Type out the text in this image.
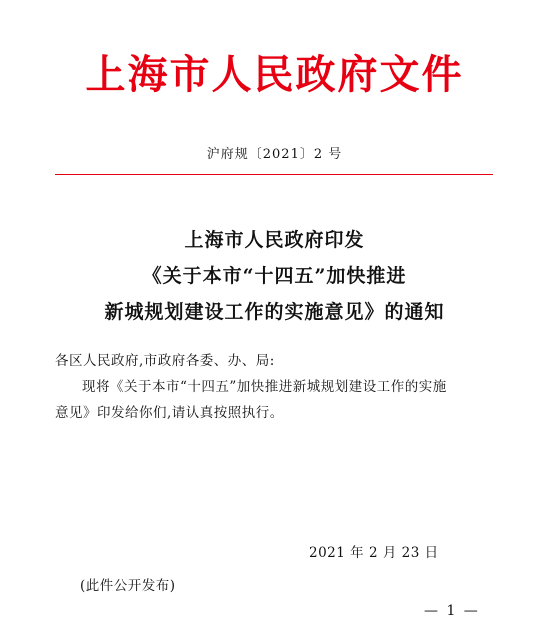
上海市人民政府文件
沪府规〔2021〕2 号
上海市人民政府印发
《关于本市“十四五”加快推进
新城规划建设工作的实施意见》的通知
各区人民政府,市政府各委、办、局:
现将《关于本市“十四五”加快推进新城规划建设工作的实施
意见》印发给你们,请认真按照执行。
2021 年 2 月 23 日
(此件公开发布)
— 1 —
